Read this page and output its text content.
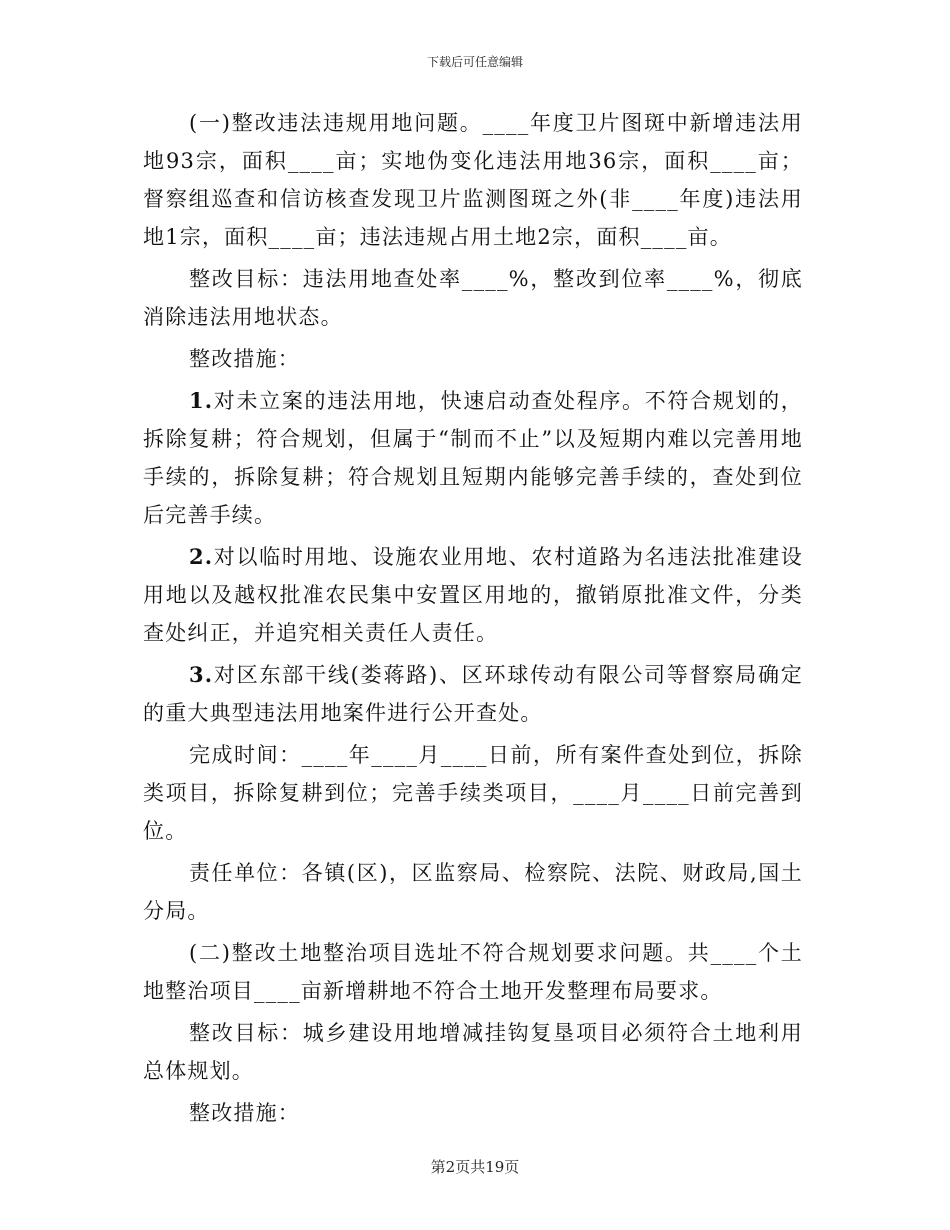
下载后可任意编辑

(一)整改违法违规用地问题。____年度卫片图斑中新增违法用地93宗，面积____亩；实地伪变化违法用地36宗，面积____亩；督察组巡查和信访核查发现卫片监测图斑之外(非____年度)违法用地1宗，面积____亩；违法违规占用土地2宗，面积____亩。

整改目标：违法用地查处率____%，整改到位率____%，彻底消除违法用地状态。

整改措施：

1.对未立案的违法用地，快速启动查处程序。不符合规划的，拆除复耕；符合规划，但属于“制而不止”以及短期内难以完善用地手续的，拆除复耕；符合规划且短期内能够完善手续的，查处到位后完善手续。

2.对以临时用地、设施农业用地、农村道路为名违法批准建设用地以及越权批准农民集中安置区用地的，撤销原批准文件，分类查处纠正，并追究相关责任人责任。

3.对区东部干线(娄蒋路)、区环球传动有限公司等督察局确定的重大典型违法用地案件进行公开查处。

完成时间：____年____月____日前，所有案件查处到位，拆除类项目，拆除复耕到位；完善手续类项目，____月____日前完善到位。

责任单位：各镇(区)，区监察局、检察院、法院、财政局,国土分局。

(二)整改土地整治项目选址不符合规划要求问题。共____个土地整治项目____亩新增耕地不符合土地开发整理布局要求。

整改目标：城乡建设用地增减挂钩复垦项目必须符合土地利用总体规划。

整改措施：

第2页共19页
